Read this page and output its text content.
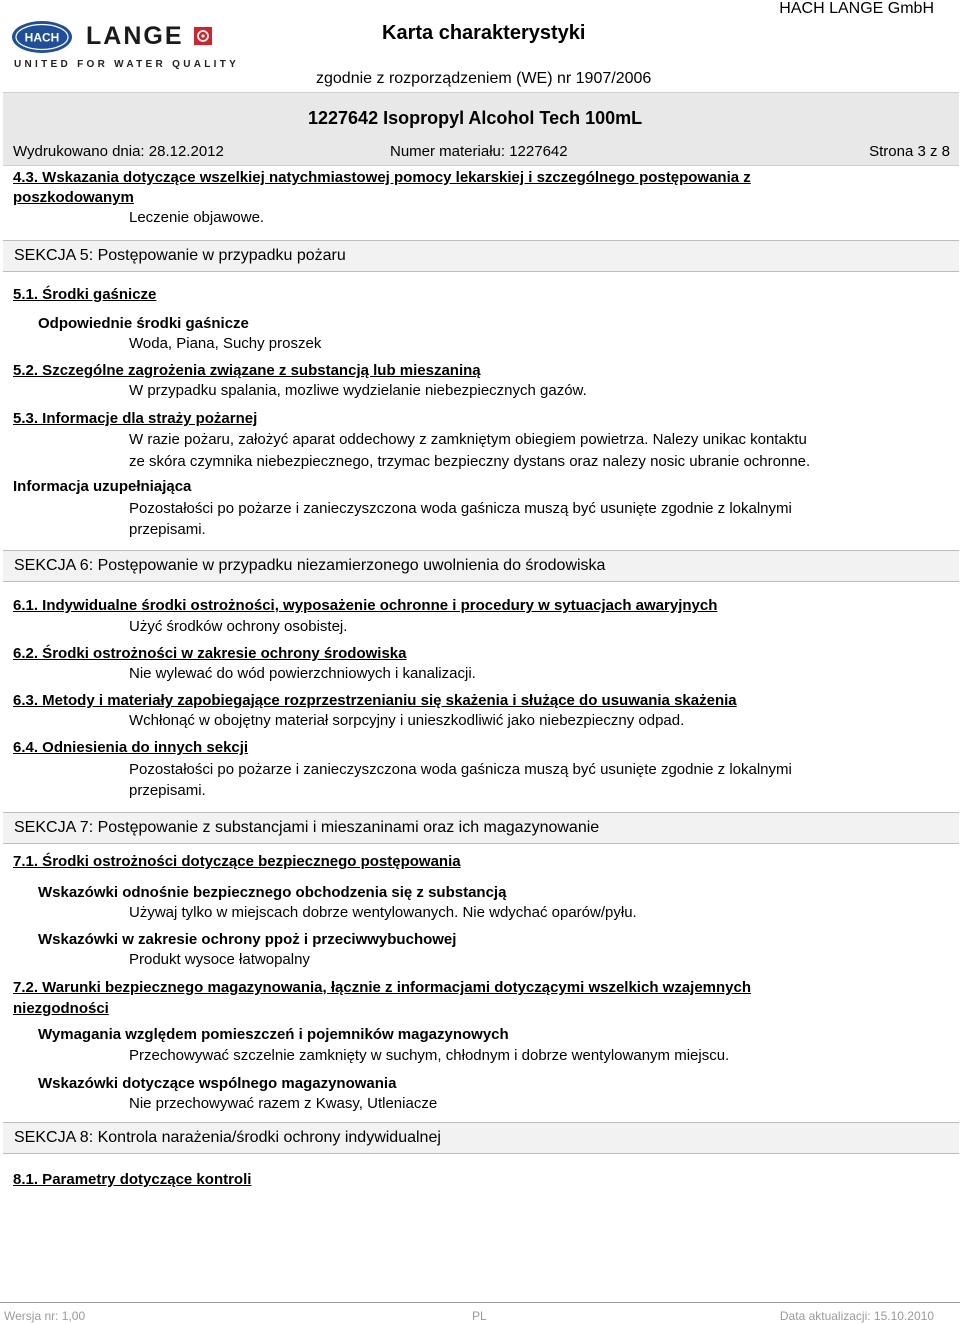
HACH LANGE
UNITED FOR WATER QUALITY
Karta charakterystyki
HACH LANGE GmbH
zgodnie z rozporządzeniem (WE) nr 1907/2006
1227642 Isopropyl Alcohol Tech 100mL
Wydrukowano dnia: 28.12.2012	Numer materiału: 1227642	Strona 3 z 8
4.3. Wskazania dotyczące wszelkiej natychmiastowej pomocy lekarskiej i szczególnego postępowania z
poszkodowanym
Leczenie objawowe.
SEKCJA 5: Postępowanie w przypadku pożaru
5.1. Środki gaśnicze
Odpowiednie środki gaśnicze
Woda, Piana, Suchy proszek
5.2. Szczególne zagrożenia związane z substancją lub mieszaniną
W przypadku spalania, mozliwe wydzielanie niebezpiecznych gazów.
5.3. Informacje dla straży pożarnej
W razie pożaru, założyć aparat oddechowy z zamkniętym obiegiem powietrza. Nalezy unikac kontaktu
ze skóra czymnika niebezpiecznego, trzymac bezpieczny dystans oraz nalezy nosic ubranie ochronne.
Informacja uzupełniająca
Pozostałości po pożarze i zanieczyszczona woda gaśnicza muszą być usunięte zgodnie z lokalnymi
przepisami.
SEKCJA 6: Postępowanie w przypadku niezamierzonego uwolnienia do środowiska
6.1. Indywidualne środki ostrożności, wyposażenie ochronne i procedury w sytuacjach awaryjnych
Użyć środków ochrony osobistej.
6.2. Środki ostrożności w zakresie ochrony środowiska
Nie wylewać do wód powierzchniowych i kanalizacji.
6.3. Metody i materiały zapobiegające rozprzestrzenianiu się skażenia i służące do usuwania skażenia
Wchłonąć w obojętny materiał sorpcyjny i unieszkodliwić jako niebezpieczny odpad.
6.4. Odniesienia do innych sekcji
Pozostałości po pożarze i zanieczyszczona woda gaśnicza muszą być usunięte zgodnie z lokalnymi
przepisami.
SEKCJA 7: Postępowanie z substancjami i mieszaninami oraz ich magazynowanie
7.1. Środki ostrożności dotyczące bezpiecznego postępowania
Wskazówki odnośnie bezpiecznego obchodzenia się z substancją
Używaj tylko w miejscach dobrze wentylowanych. Nie wdychać oparów/pyłu.
Wskazówki w zakresie ochrony ppoż i przeciwwybuchowej
Produkt wysoce łatwopalny
7.2. Warunki bezpiecznego magazynowania, łącznie z informacjami dotyczącymi wszelkich wzajemnych
niezgodności
Wymagania względem pomieszczeń i pojemników magazynowych
Przechowywać szczelnie zamknięty w suchym, chłodnym i dobrze wentylowanym miejscu.
Wskazówki dotyczące wspólnego magazynowania
Nie przechowywać razem z Kwasy, Utleniacze
SEKCJA 8: Kontrola narażenia/środki ochrony indywidualnej
8.1. Parametry dotyczące kontroli
Wersja nr: 1,00	PL	Data aktualizacji: 15.10.2010
